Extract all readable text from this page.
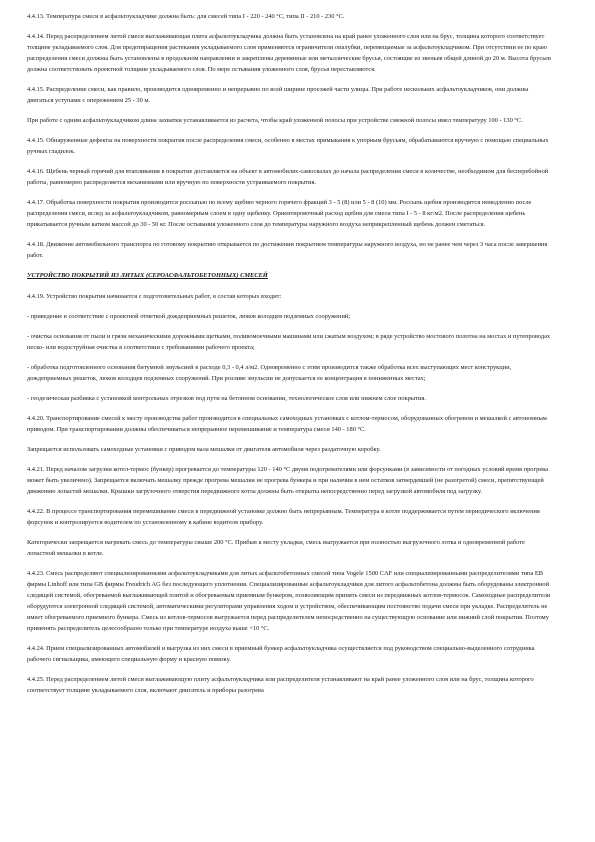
4.4.13. Температура смеси в асфальтоукладчике должна быть: для смесей типа I - 220 - 240 °С, типа II - 210 - 230 °С.

4.4.14. Перед распределением литой смеси выглаживающая плита асфальтоукладчика должна быть установлена на край ранее уложенного слоя или на брус, толщина которого соответствует толщине укладываемого слоя. Для предотвращения растекания укладываемого слоя применяются ограничители опалубки, перемещаемые за асфальтоукладчиком. При отсутствии ее по краю распределения смеси должны быть установлены в продольном направлении и закреплены деревянные или металлические брусья, состоящие из звеньев общей длиной до 20 м. Высота брусьев должна соответствовать проектной толщине укладываемого слоя. По мере остывания уложенного слоя, брусья переставляются.

4.4.15. Распределение смеси, как правило, производится одновременно и непрерывно по всей ширине проезжей части улицы. При работе нескольких асфальтоукладчиков, они должны двигаться уступами с опережением 25 - 30 м.

При работе с одним асфальтоукладчиком длина захватки устанавливается из расчета, чтобы край уложенной полосы при устройстве смежной полосы имел температуру 100 - 130 °С.

4.4.15. Обнаруженные дефекты на поверхности покрытия после распределения смеси, особенно в местах примыкания к упорным брусьям, обрабатываются вручную с помощью специальных ручных гладилок.

4.4.16. Щебень черный горячий для втапливания в покрытие доставляется на объект в автомобилях-самосвалах до начала распределения смеси в количестве, необходимом для бесперебойной работы, равномерно распределяется механизмами или вручную по поверхности устраиваемого покрытия.

4.4.17. Обработка поверхности покрытия производится россыпью по всему щебню черного горячего фракций 3 - 5 (8) или 5 - 8 (10) мм. Россыпь щебня производится немедленно после распределения смеси, вслед за асфальтоукладчиком, равномерным слоем в одну щебенку. Ориентировочный расход щебня для смеси типа I - 5 - 8 кг/м2. После распределения щебень прикатывается ручным катком массой до 30 - 50 кг. После остывания уложенного слоя до температуры наружного воздуха неприкрепленный щебень должен сметаться.

4.4.18. Движение автомобильного транспорта по готовому покрытию открывается по достижении покрытием температуры наружного воздуха, но не ранее чем через 3 часа после завершения работ.

УСТРОЙСТВО ПОКРЫТИЙ ИЗ ЛИТЫХ (СЕРОАСФАЛЬТОБЕТОННЫХ) СМЕСЕЙ

4.4.19. Устройство покрытия начинается с подготовительных работ, в состав которых входит:

- приведение в соответствие с проектной отметкой дождеприемных решеток, люков колодцев подземных сооружений;

- очистка основания от пыли и грязи механическими дорожными щетками, поливомоечными машинами или сжатым воздухом; в ряде устройство мостового полотна на мостах и путепроводах песко- или водоструйная очистка в соответствии с требованиями рабочего проекта;

- обработка подготовленного основания битумной эмульсией в расходе 0,3 - 0,4 л/м2. Одновременно с этим производится также обработка всех выступающих мест конструкции, дождеприемных решеток, люков колодцев подземных сооружений. При розливе эмульсии не допускается ее концентрация в пониженных местах;

- геодезическая разбивка с установкой контрольных отрезков под пути на бетонном основании, технологическое слоя или нижнем слое покрытия.

4.4.20. Транспортирование смесей к месту производства работ производится в специальных самоходных установках с котлом-термосом, оборудованных обогревом и мешалкой с автономным приводом. При транспортировании должны обеспечиваться непрерывное перемешивание и температура смеси 140 - 180 °С.

Запрещается использовать самоходные установки с приводом вала мешалки от двигателя автомобиля через раздаточную коробку.

4.4.21. Перед началом загрузки котел-термос (бункер) прогревается до температуры 120 - 140 °С двумя подогревателями или форсунками (в зависимости от погодных условий время прогрева может быть увеличено). Запрещается включать мешалку прежде прогрева мешалки не прогрева бункера и при наличии в нем остатков затвердевшей (не разогретой) смеси, препятствующей движению лопастей мешалки. Крышки загрузочного отверстия передвижного котла должны быть открыты непосредственно перед загрузкой автомобиля под загрузку.

4.4.22. В процессе транспортирования перемешивание смеси в передвижной установке должно быть непрерывным. Температура в котле поддерживается путем периодического включения форсунок и контролируется водителем по установленному в кабине водителя прибору.

Категорически запрещается нагревать смесь до температуры свыше 200 °С. Прибыв к месту укладки, смесь выгружается при полностью выгрузочного лотка и одновременной работе лопастной мешалки в котле.

4.4.23. Смесь распределяют специализированными асфальтоукладчиками для литых асфальтобетонных смесей типа Vogele 1500 CAF или специализированными распределителями типа EB фирмы Linhoff или типа GB фирмы Freudrich AG без последующего уплотнения. Специализированные асфальтоукладчики для литого асфальтобетона должны быть оборудованы электронной следящей системой, обогреваемой выглаживающей плитой и обогреваемым приемным бункером, позволяющим принять смеси из передвижных котлов-термосов. Самоходные распределители оборудуются электронной следящей системой, автоматическими регуляторами управления ходом и устройством, обеспечивающим постоянство подачи смеси при укладке. Распределитель не имеет обогреваемого приемного бункера. Смесь из котлов-термосов выгружается перед распределителем непосредственно на существующую основание или нижний слой покрытия. Поэтому применять распределитель целесообразно только при температуре воздуха выше +10 °С.

4.4.24. Прием специализированных автомобилей и выгрузка из них смеси в приемный бункер асфальтоукладчика осуществляется под руководством специально-выделенного сотрудника рабочего сигнальщика, имеющего специальную форму и красную повязку.

4.4.25. Перед распределением литой смеси выглаживающую плиту асфальтоукладчика или распределителя устанавливают на край ранее уложенного слоя или на брус, толщина которого соответствует толщине укладываемого слоя, включают двигатель и приборы разогрева
